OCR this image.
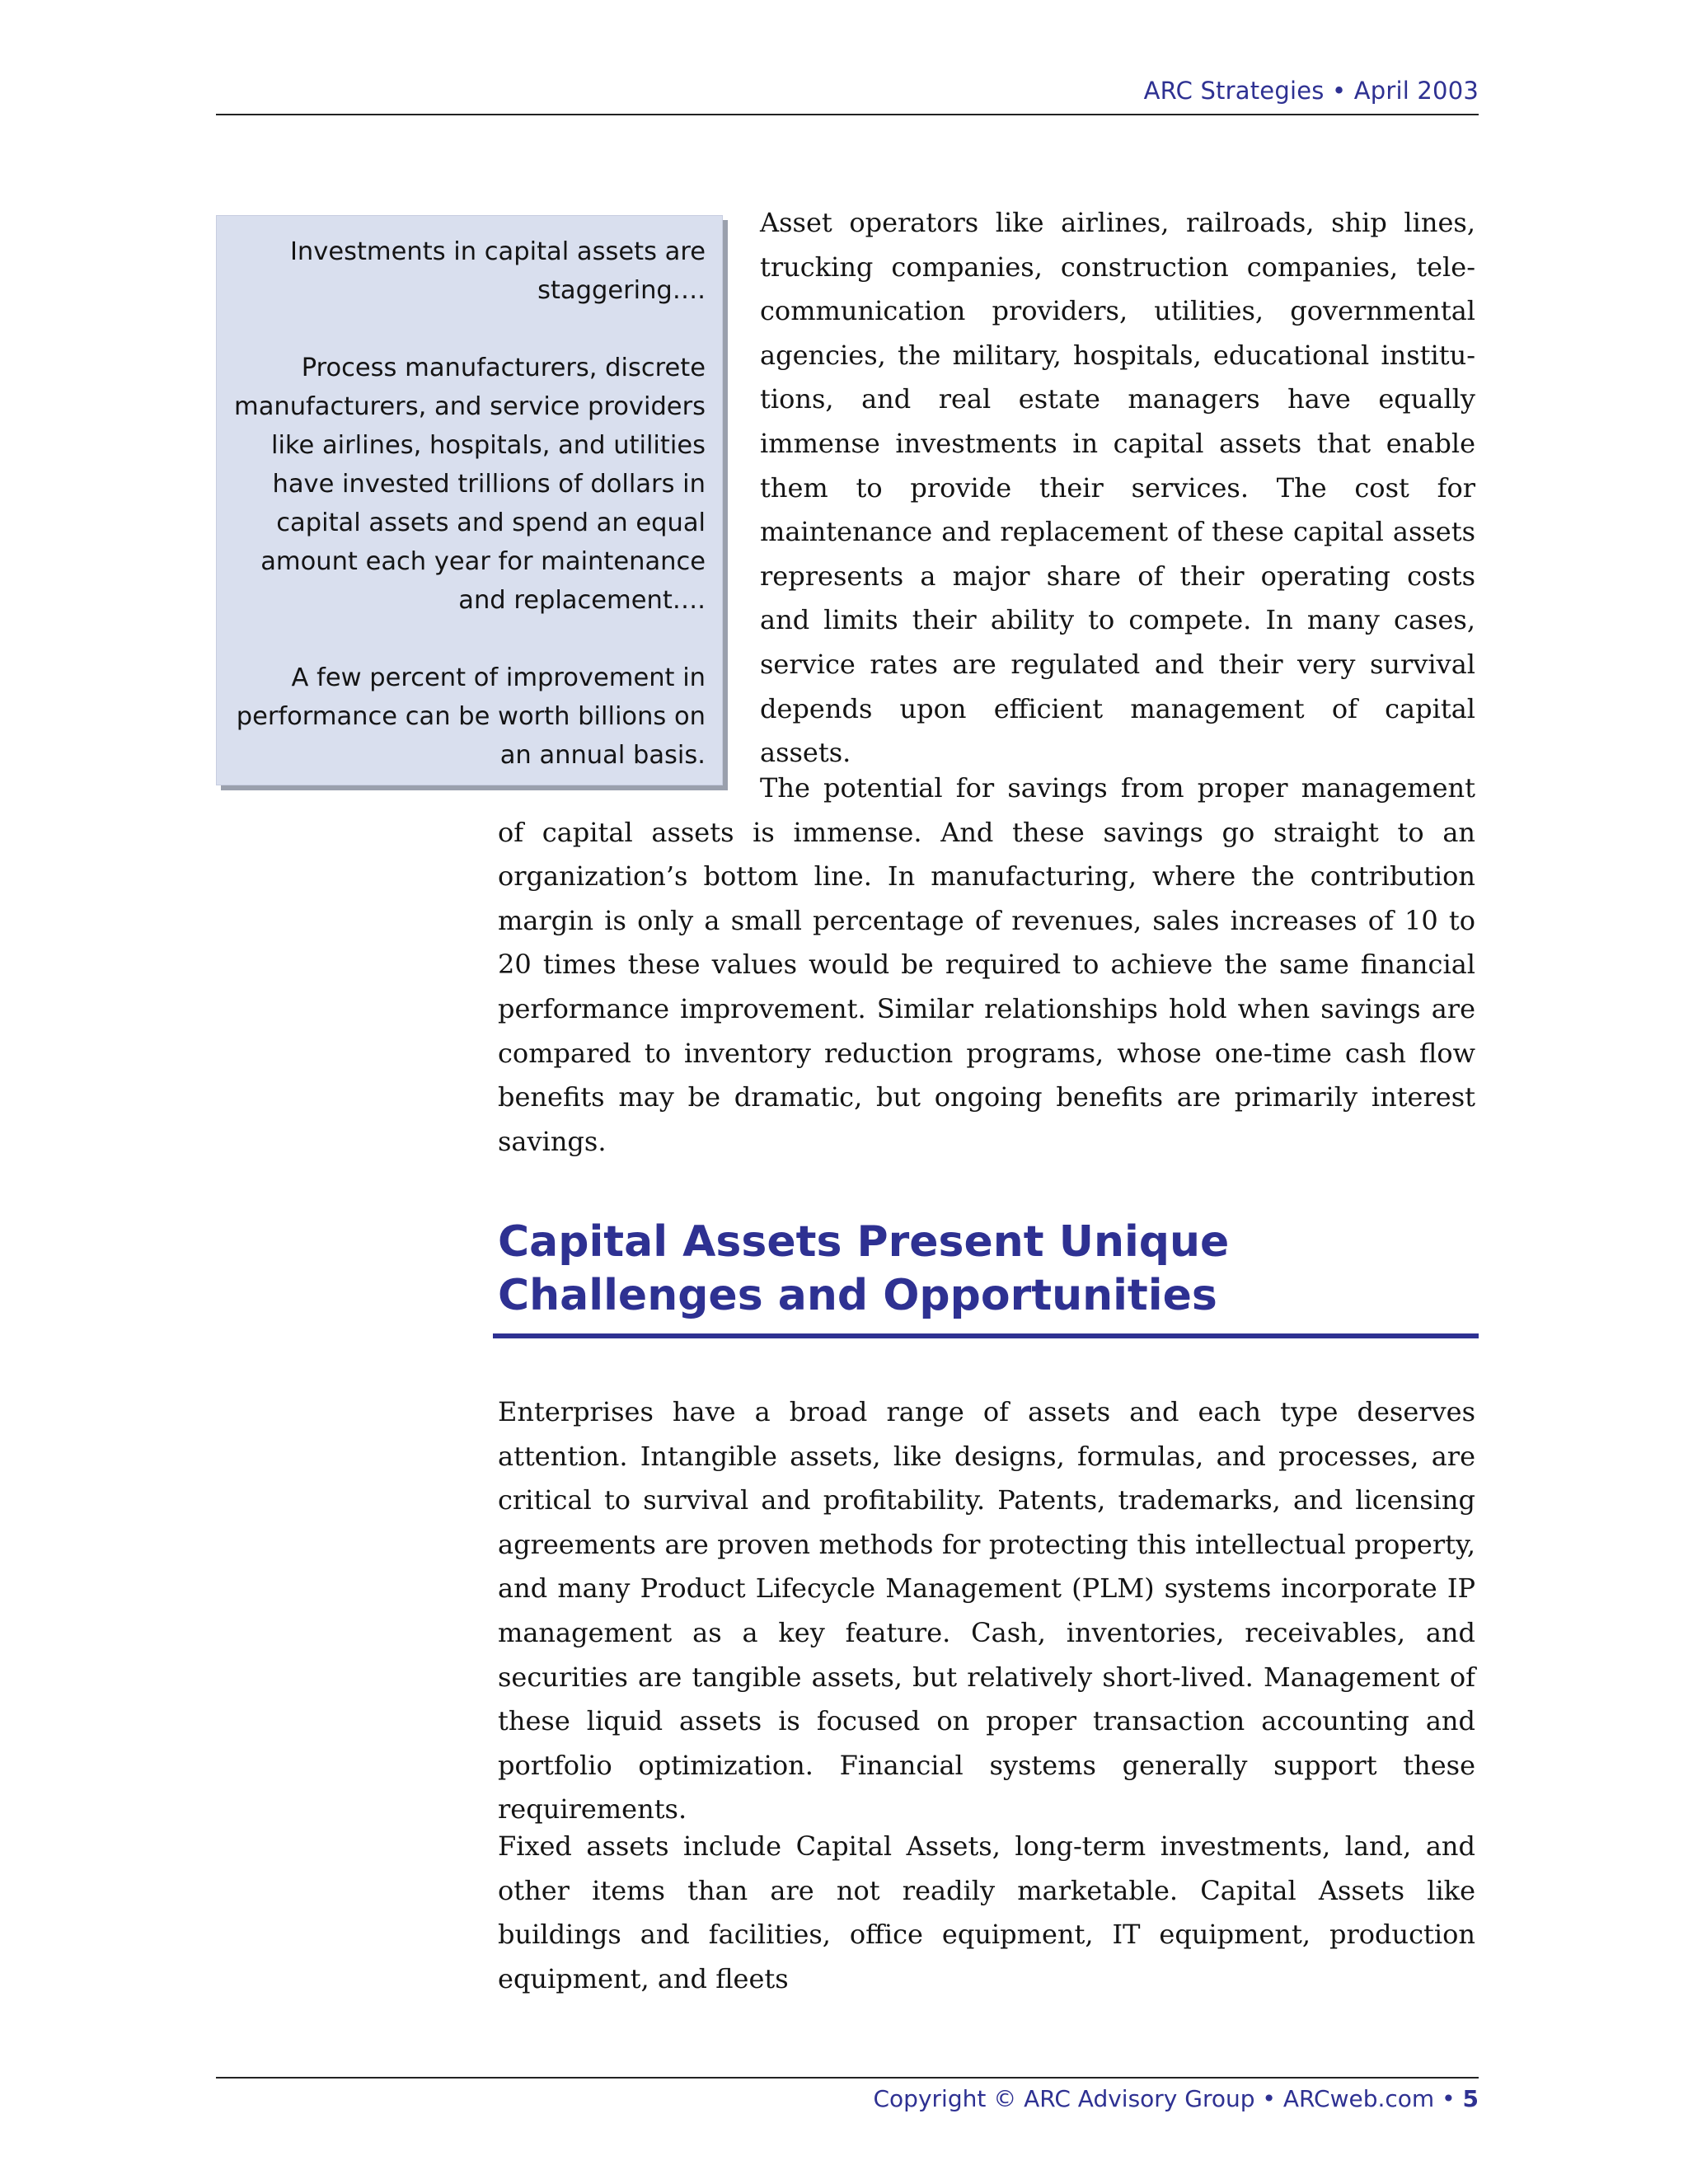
ARC Strategies • April 2003

Investments in capital assets are staggering….

Process manufacturers, discrete manufacturers, and service providers like airlines, hospitals, and utilities have invested trillions of dollars in capital assets and spend an equal amount each year for maintenance and replacement….

A few percent of improvement in performance can be worth billions on an annual basis.

Asset operators like airlines, railroads, ship lines, trucking companies, construction companies, telecommunication providers, utilities, governmental agencies, the military, hospitals, educational institutions, and real estate managers have equally immense investments in capital assets that enable them to provide their services. The cost for maintenance and replacement of these capital assets represents a major share of their operating costs and limits their ability to compete. In many cases, service rates are regulated and their very survival depends upon efficient management of capital assets.

The potential for savings from proper management of capital assets is immense. And these savings go straight to an organization’s bottom line. In manufacturing, where the contribution margin is only a small percentage of revenues, sales increases of 10 to 20 times these values would be required to achieve the same financial performance improvement. Similar relationships hold when savings are compared to inventory reduction programs, whose one-time cash flow benefits may be dramatic, but ongoing benefits are primarily interest savings.

Capital Assets Present Unique Challenges and Opportunities

Enterprises have a broad range of assets and each type deserves attention. Intangible assets, like designs, formulas, and processes, are critical to survival and profitability. Patents, trademarks, and licensing agreements are proven methods for protecting this intellectual property, and many Product Lifecycle Management (PLM) systems incorporate IP management as a key feature. Cash, inventories, receivables, and securities are tangible assets, but relatively short-lived. Management of these liquid assets is focused on proper transaction accounting and portfolio optimization. Financial systems generally support these requirements.

Fixed assets include Capital Assets, long-term investments, land, and other items than are not readily marketable. Capital Assets like buildings and facilities, office equipment, IT equipment, production equipment, and fleets

Copyright © ARC Advisory Group • ARCweb.com • 5
